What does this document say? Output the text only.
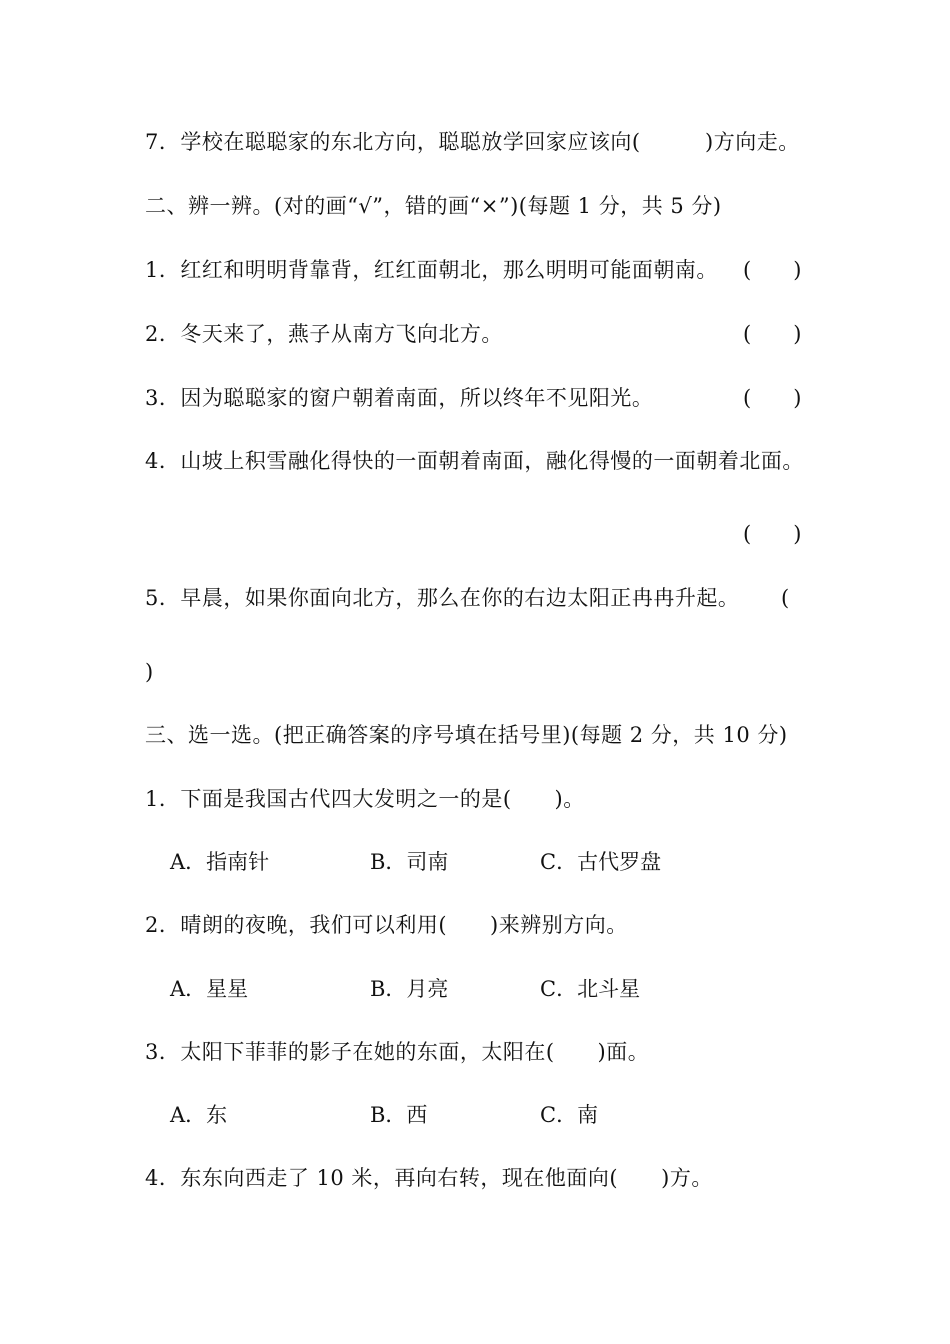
7．学校在聪聪家的东北方向，聪聪放学回家应该向(　　　)方向走。
二、辨一辨。(对的画“√”，错的画“×”)(每题 1 分，共 5 分)
1．红红和明明背靠背，红红面朝北，那么明明可能面朝南。 (　　)
2．冬天来了，燕子从南方飞向北方。	(　　)
3．因为聪聪家的窗户朝着南面，所以终年不见阳光。	(　　)
4．山坡上积雪融化得快的一面朝着南面，融化得慢的一面朝着北面。
(　　)
5．早晨，如果你面向北方，那么在你的右边太阳正冉冉升起。 (
)
三、选一选。(把正确答案的序号填在括号里)(每题 2 分，共 10 分)
1．下面是我国古代四大发明之一的是(　　)。
A．指南针	B．司南	C．古代罗盘
2．晴朗的夜晚，我们可以利用(　　)来辨别方向。
A．星星	B．月亮	C．北斗星
3．太阳下菲菲的影子在她的东面，太阳在(　　)面。
A．东	B．西	C．南
4．东东向西走了 10 米，再向右转，现在他面向(　　)方。
